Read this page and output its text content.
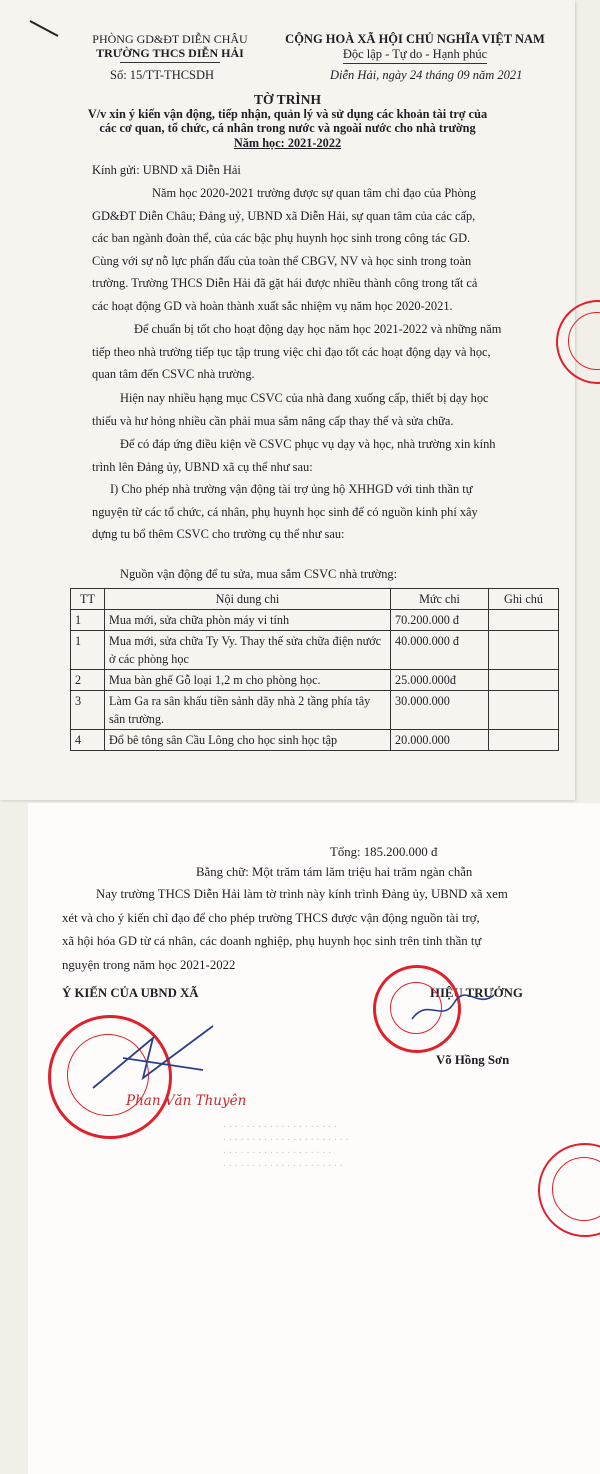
PHÒNG GD&ĐT DIỄN CHÂU
TRƯỜNG THCS DIỄN HẢI
Số: 15/TT-THCSDH
CỘNG HOÀ XÃ HỘI CHỦ NGHĨA VIỆT NAM
Độc lập - Tự do - Hạnh phúc
Diễn Hải, ngày 24 tháng 09 năm 2021
TỜ TRÌNH
V/v xin ý kiến vận động, tiếp nhận, quản lý và sử dụng các khoản tài trợ của
các cơ quan, tổ chức, cá nhân trong nước và ngoài nước cho nhà trường
Năm học: 2021-2022
Kính gửi: UBND xã Diễn Hải
Năm học 2020-2021 trường được sự quan tâm chỉ đạo của Phòng
GD&ĐT Diễn Châu; Đảng uỷ, UBND xã Diễn Hải, sự quan tâm của các cấp,
các ban ngành đoàn thể, của các bậc phụ huynh học sinh trong công tác GD.
Cùng với sự nỗ lực phấn đấu của toàn thể CBGV, NV và học sinh trong toàn
trường. Trường THCS Diễn Hải đã gặt hái được nhiều thành công trong tất cả
các hoạt động GD và hoàn thành xuất sắc nhiệm vụ năm học 2020-2021.
Để chuẩn bị tốt cho hoạt động dạy học năm học 2021-2022 và những năm
tiếp theo nhà trường tiếp tục tập trung việc chỉ đạo tốt các hoạt động dạy và học,
quan tâm đến CSVC nhà trường.
Hiện nay nhiều hạng mục CSVC của nhà đang xuống cấp, thiết bị dạy học
thiếu và hư hỏng nhiều cần phải mua sắm nâng cấp thay thế và sửa chữa.
Để có đáp ứng điều kiện về CSVC phục vụ dạy và học, nhà trường xin kính
trình lên Đảng ủy, UBND xã cụ thể như sau:
I) Cho phép nhà trường vận động tài trợ ủng hộ XHHGD với tinh thần tự
nguyện từ các tổ chức, cá nhân, phụ huynh học sinh để có nguồn kinh phí xây
dựng tu bổ thêm CSVC cho trường cụ thể như sau:
Nguồn vận động để tu sửa, mua sắm CSVC nhà trường:
TT	Nội dung chi	Mức chi	Ghi chú
1	Mua mới, sửa chữa phòn máy vi tính	70.200.000 đ	
1	Mua mới, sửa chữa Ty Vy. Thay thế sửa chữa điện nước ở các phòng học	40.000.000 đ	
2	Mua bàn ghế Gỗ loại 1,2 m cho phòng học.	25.000.000đ	
3	Làm Ga ra sân khấu tiền sảnh dãy nhà 2 tầng phía tây sân trường.	30.000.000	
4	Đổ bê tông sân Cầu Lông cho học sinh học tập	20.000.000	
· · · · · · · · · · · · · · · · · · · ·
· · · · · · · · · · · · · · · · · · · · · ·
· · · · · · · · · · · · · · · · · · ·
· · · · · · · · · · · · · · · · · · · · ·
Tổng: 185.200.000 đ
Bằng chữ: Một trăm tám lăm triệu hai trăm ngàn chẵn
Nay trường THCS Diễn Hải làm tờ trình này kính trình Đảng ủy, UBND xã xem
xét và cho ý kiến chỉ đạo để cho phép trường THCS được vận động nguồn tài trợ,
xã hội hóa GD từ cá nhân, các doanh nghiệp, phụ huynh học sinh trên tinh thần tự
nguyện trong năm học 2021-2022
Ý KIẾN CỦA UBND XÃ	HIỆU TRƯỞNG
Võ Hồng Sơn
Phan Văn Thuyên
